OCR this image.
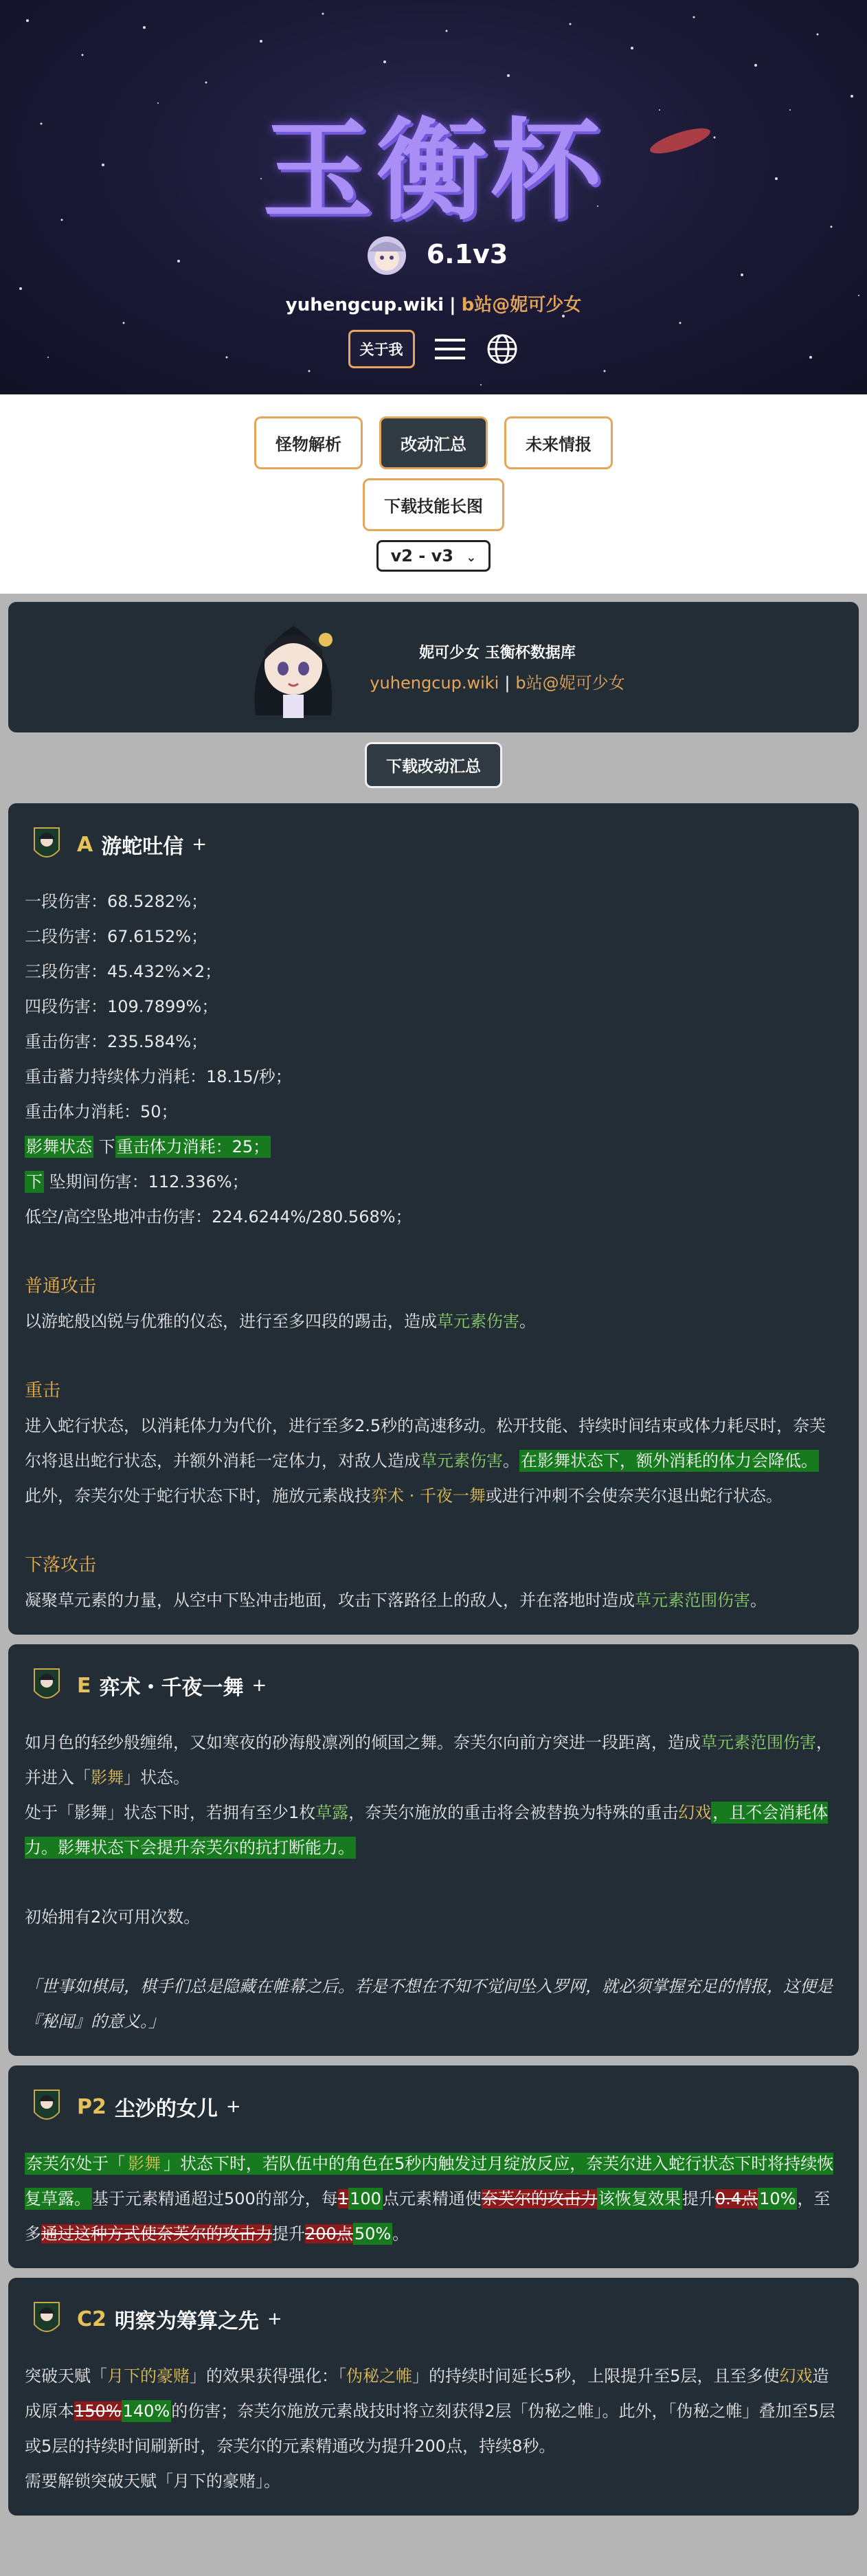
玉衡杯
6.1v3
yuhengcup.wiki | b站@妮可少女
关于我
怪物解析	改动汇总	未来情报
下载技能长图
v2 - v3 ⌄
妮可少女 玉衡杯数据库
yuhengcup.wiki | b站@妮可少女
下载改动汇总
A 游蛇吐信 +
一段伤害：68.5282%；
二段伤害：67.6152%；
三段伤害：45.432%×2；
四段伤害：109.7899%；
重击伤害：235.584%；
重击蓄力持续体力消耗：18.15/秒；
重击体力消耗：50；
影舞状态 下重击体力消耗：25；
下 坠期间伤害：112.336%；
低空/高空坠地冲击伤害：224.6244%/280.568%；
普通攻击
以游蛇般凶锐与优雅的仪态，进行至多四段的踢击，造成草元素伤害。
重击
进入蛇行状态，以消耗体力为代价，进行至多2.5秒的高速移动。松开技能、持续时间结束或体力耗尽时，奈芙尔将退出蛇行状态，并额外消耗一定体力，对敌人造成草元素伤害。在影舞状态下，额外消耗的体力会降低。
此外，奈芙尔处于蛇行状态下时，施放元素战技弈术 · 千夜一舞或进行冲刺不会使奈芙尔退出蛇行状态。
下落攻击
凝聚草元素的力量，从空中下坠冲击地面，攻击下落路径上的敌人，并在落地时造成草元素范围伤害。
E 弈术・千夜一舞 +
如月色的轻纱般缠绵，又如寒夜的砂海般凛冽的倾国之舞。奈芙尔向前方突进一段距离，造成草元素范围伤害，并进入「影舞」状态。
处于「影舞」状态下时，若拥有至少1枚草露，奈芙尔施放的重击将会被替换为特殊的重击幻戏，且不会消耗体力。影舞状态下会提升奈芙尔的抗打断能力。
初始拥有2次可用次数。
「世事如棋局，棋手们总是隐藏在帷幕之后。若是不想在不知不觉间坠入罗网，就必须掌握充足的情报，这便是『秘闻』的意义。」
P2 尘沙的女儿 +
奈芙尔处于「 影舞 」状态下时，若队伍中的角色在5秒内触发过月绽放反应，奈芙尔进入蛇行状态下时将持续恢复草露。基于元素精通超过500的部分，每1100点元素精通使奈芙尔的攻击力该恢复效果提升0.4点10%，至多通过这种方式使奈芙尔的攻击力提升200点50%。
C2 明察为筹算之先 +
突破天赋「月下的豪赌」的效果获得强化：「伪秘之帷」的持续时间延长5秒，上限提升至5层，且至多使幻戏造成原本150%140%的伤害；奈芙尔施放元素战技时将立刻获得2层「伪秘之帷」。此外，「伪秘之帷」叠加至5层或5层的持续时间刷新时，奈芙尔的元素精通改为提升200点，持续8秒。
需要解锁突破天赋「月下的豪赌」。
